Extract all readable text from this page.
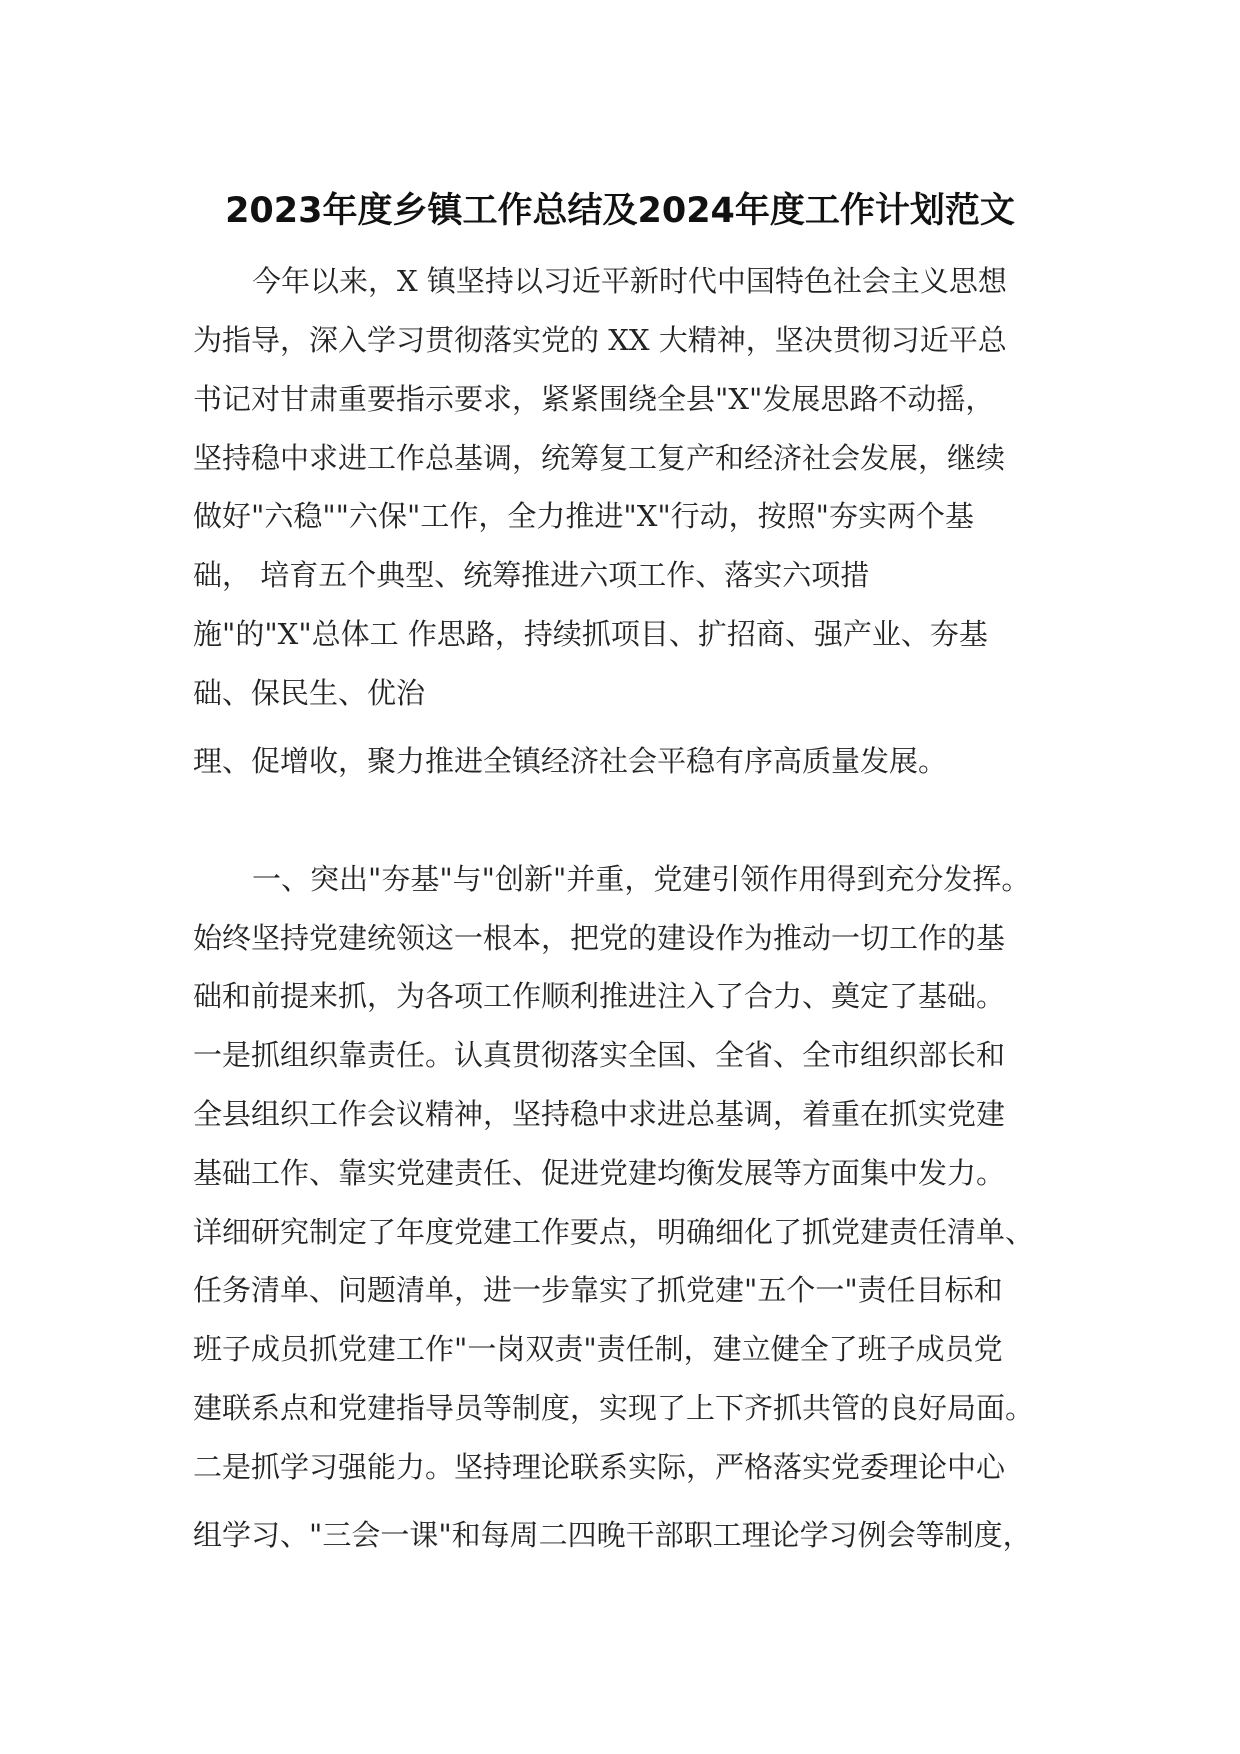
2023年度乡镇工作总结及2024年度工作计划范文
今年以来，X 镇坚持以习近平新时代中国特色社会主义思想
为指导，深入学习贯彻落实党的 XX 大精神，坚决贯彻习近平总
书记对甘肃重要指示要求，紧紧围绕全县"X"发展思路不动摇，
坚持稳中求进工作总基调，统筹复工复产和经济社会发展，继续
做好"六稳""六保"工作，全力推进"X"行动，按照"夯实两个基
础， 培育五个典型、统筹推进六项工作、落实六项措
施"的"X"总体工 作思路，持续抓项目、扩招商、强产业、夯基
础、保民生、优治
理、促增收，聚力推进全镇经济社会平稳有序高质量发展。
一、突出"夯基"与"创新"并重，党建引领作用得到充分发挥。
始终坚持党建统领这一根本，把党的建设作为推动一切工作的基
础和前提来抓，为各项工作顺利推进注入了合力、奠定了基础。
一是抓组织靠责任。认真贯彻落实全国、全省、全市组织部长和
全县组织工作会议精神，坚持稳中求进总基调，着重在抓实党建
基础工作、靠实党建责任、促进党建均衡发展等方面集中发力。
详细研究制定了年度党建工作要点，明确细化了抓党建责任清单、
任务清单、问题清单，进一步靠实了抓党建"五个一"责任目标和
班子成员抓党建工作"一岗双责"责任制，建立健全了班子成员党
建联系点和党建指导员等制度，实现了上下齐抓共管的良好局面。
二是抓学习强能力。坚持理论联系实际，严格落实党委理论中心
组学习、"三会一课"和每周二四晚干部职工理论学习例会等制度，
